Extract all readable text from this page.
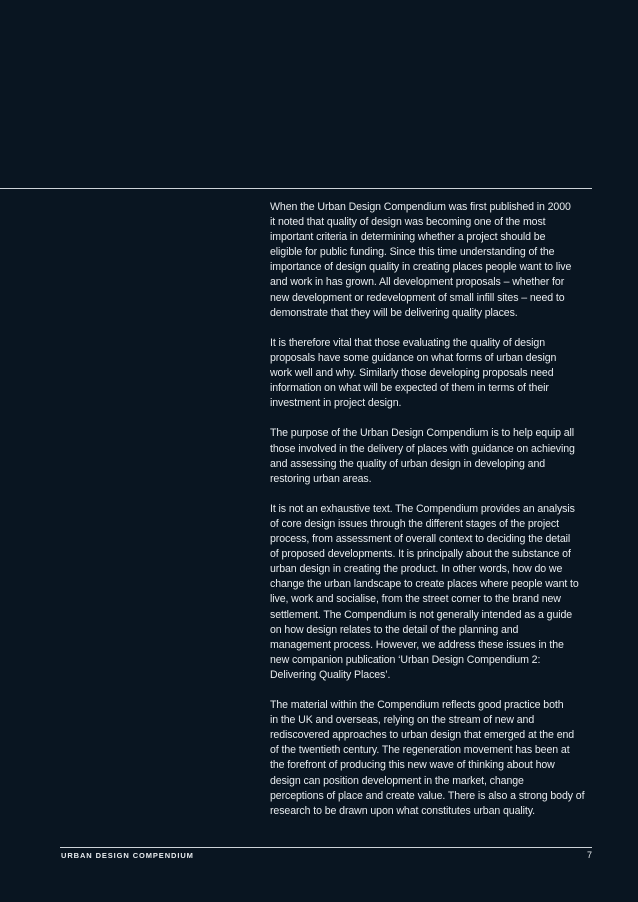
When the Urban Design Compendium was first published in 2000
it noted that quality of design was becoming one of the most
important criteria in determining whether a project should be
eligible for public funding. Since this time understanding of the
importance of design quality in creating places people want to live
and work in has grown. All development proposals – whether for
new development or redevelopment of small infill sites – need to
demonstrate that they will be delivering quality places.
It is therefore vital that those evaluating the quality of design
proposals have some guidance on what forms of urban design
work well and why. Similarly those developing proposals need
information on what will be expected of them in terms of their
investment in project design.
The purpose of the Urban Design Compendium is to help equip all
those involved in the delivery of places with guidance on achieving
and assessing the quality of urban design in developing and
restoring urban areas.
It is not an exhaustive text. The Compendium provides an analysis
of core design issues through the different stages of the project
process, from assessment of overall context to deciding the detail
of proposed developments. It is principally about the substance of
urban design in creating the product. In other words, how do we
change the urban landscape to create places where people want to
live, work and socialise, from the street corner to the brand new
settlement. The Compendium is not generally intended as a guide
on how design relates to the detail of the planning and
management process. However, we address these issues in the
new companion publication ‘Urban Design Compendium 2:
Delivering Quality Places’.
The material within the Compendium reflects good practice both
in the UK and overseas, relying on the stream of new and
rediscovered approaches to urban design that emerged at the end
of the twentieth century. The regeneration movement has been at
the forefront of producing this new wave of thinking about how
design can position development in the market, change
perceptions of place and create value. There is also a strong body of
research to be drawn upon what constitutes urban quality.
URBAN DESIGN COMPENDIUM	7
